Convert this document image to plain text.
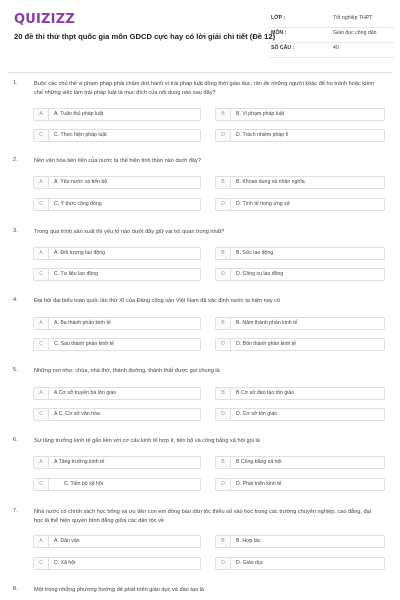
QUIZIZZ
20 đề thi thử thpt quốc gia môn GDCD cực hay có lời giải chi tiết (Đề 12)
LỚP :	Tốt nghiệp THPT
MÔN :	Giáo dục công dân
SỐ CÂU :	40
1.	Buộc các chủ thể vi phạm pháp phải chấm dứt hành vi trái pháp luật đồng thời giáo dục, răn đe những người khác để họ tránh hoặc kiềm chế những việc làm trái pháp luật là mục đích của nội dung nào sau đây?
A	A. Tuân thủ pháp luật	B	B. Vi phạm pháp luật
C	C. Thực hiện pháp luật	D	D. Trách nhiệm pháp lí
2.	Nền văn hóa tiên tiến của nước ta thể hiện tinh thần nào dưới đây?
A	A. Yêu nước và tiến bộ	B	B. Khoan dung và nhân nghĩa
C	C. Ý thức cộng đồng	D	D. Tình tế trong ứng xử
3.	Trong quá trình sản xuất thì yếu tố nào dưới đây giữ vai trò quan trọng nhất?
A	A. Đối tượng lao động	B	B. Sức lao động
C	C. Tư liệu lao động	D	D. Công cụ lao động
4.	Đại hội đại biểu toàn quốc lần thứ XI của Đảng cộng sản Việt Nam đã xác định nước ta hiện nay có
A	A. Ba thành phần kinh tế	B	B. Năm thành phần kinh tế
C	C. Sáu thành phần kinh tế	D	D. Bốn thành phần kinh tế
5.	Những nơi như: chùa, nhà thờ, thánh đường, thánh thất được gọi chung là
A	A Cơ sở truyền bá tôn giáo	B	B Cơ sở đào tạo tôn giáo
C	A C. Cơ sở văn hóa	D	D. Cơ sở tôn giáo
6.	Sự tăng trưởng kinh tế gắn liền với cơ cấu kinh tế hợp lí, tiến bộ và công bằng xã hội gọi là
A	A Tăng trưởng kinh tế	B	B Công bằng xã hội
C	C. Tiến bộ xã hội	D	D. Phát triển kinh tế
7.	Nhà nước có chính sách học bổng và ưu tiên con em đồng bào dân tộc thiểu số vào học trong các trường chuyên nghiệp, cao đẳng, đại học là thể hiện quyền bình đẳng giữa các dân tộc về
A	A. Dân vận	B	B. Hợp tác
C	C. Xã hội	D	D. Giáo dục
8.	Một trong những phương hướng để phát triển giáo dục và đào tạo là
